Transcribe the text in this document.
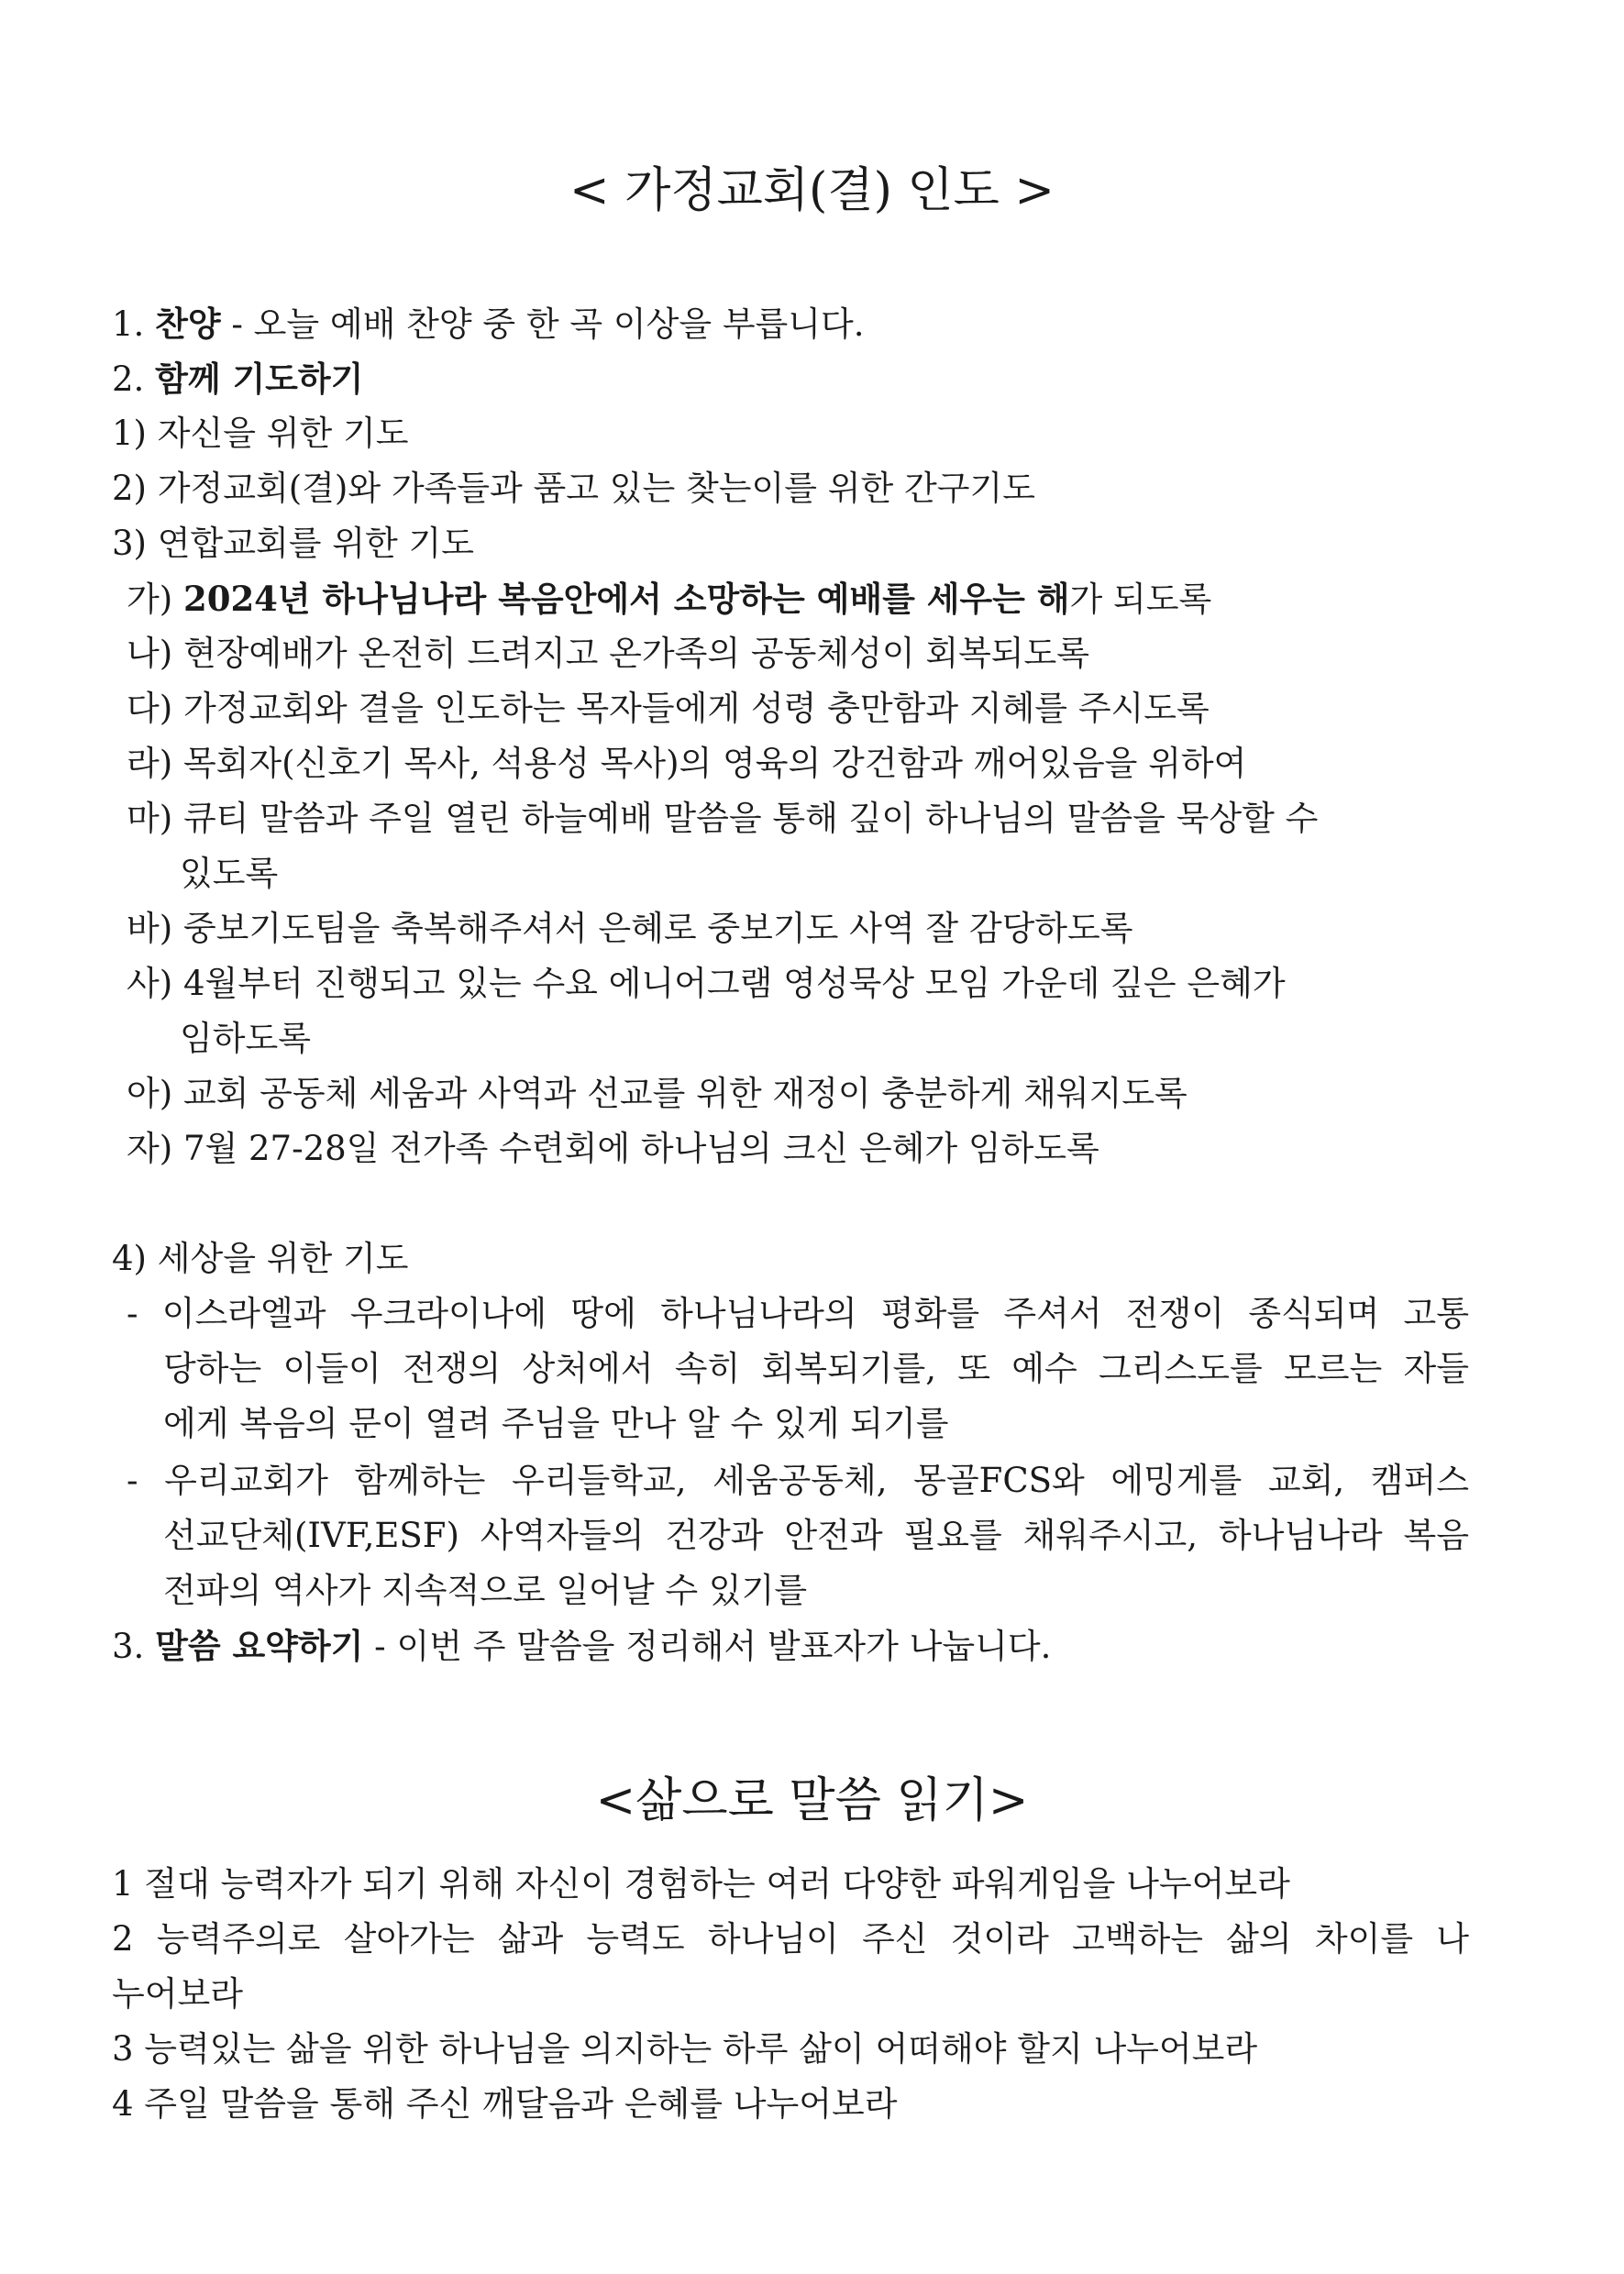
< 가정교회(결) 인도 >
1. 찬양 - 오늘 예배 찬양 중 한 곡 이상을 부릅니다.
2. 함께 기도하기
1) 자신을 위한 기도
2) 가정교회(결)와 가족들과 품고 있는 찾는이를 위한 간구기도
3) 연합교회를 위한 기도
가) 2024년 하나님나라 복음안에서 소망하는 예배를 세우는 해가 되도록
나) 현장예배가 온전히 드려지고 온가족의 공동체성이 회복되도록
다) 가정교회와 결을 인도하는 목자들에게 성령 충만함과 지혜를 주시도록
라) 목회자(신호기 목사, 석용성 목사)의 영육의 강건함과 깨어있음을 위하여
마) 큐티 말씀과 주일 열린 하늘예배 말씀을 통해 깊이 하나님의 말씀을 묵상할 수
있도록
바) 중보기도팀을 축복해주셔서 은혜로 중보기도 사역 잘 감당하도록
사) 4월부터 진행되고 있는 수요 에니어그램 영성묵상 모임 가운데 깊은 은혜가
임하도록
아) 교회 공동체 세움과 사역과 선교를 위한 재정이 충분하게 채워지도록
자) 7월 27-28일 전가족 수련회에 하나님의 크신 은혜가 임하도록
4) 세상을 위한 기도
- 이스라엘과 우크라이나에 땅에 하나님나라의 평화를 주셔서 전쟁이 종식되며 고통
당하는 이들이 전쟁의 상처에서 속히 회복되기를, 또 예수 그리스도를 모르는 자들
에게 복음의 문이 열려 주님을 만나 알 수 있게 되기를
- 우리교회가 함께하는 우리들학교, 세움공동체, 몽골FCS와 에밍게를 교회, 캠퍼스
선교단체(IVF,ESF) 사역자들의 건강과 안전과 필요를 채워주시고, 하나님나라 복음
전파의 역사가 지속적으로 일어날 수 있기를
3. 말씀 요약하기 - 이번 주 말씀을 정리해서 발표자가 나눕니다.
<삶으로 말씀 읽기>
1 절대 능력자가 되기 위해 자신이 경험하는 여러 다양한 파워게임을 나누어보라
2 능력주의로 살아가는 삶과 능력도 하나님이 주신 것이라 고백하는 삶의 차이를 나
누어보라
3 능력있는 삶을 위한 하나님을 의지하는 하루 삶이 어떠해야 할지 나누어보라
4 주일 말씀을 통해 주신 깨달음과 은혜를 나누어보라
